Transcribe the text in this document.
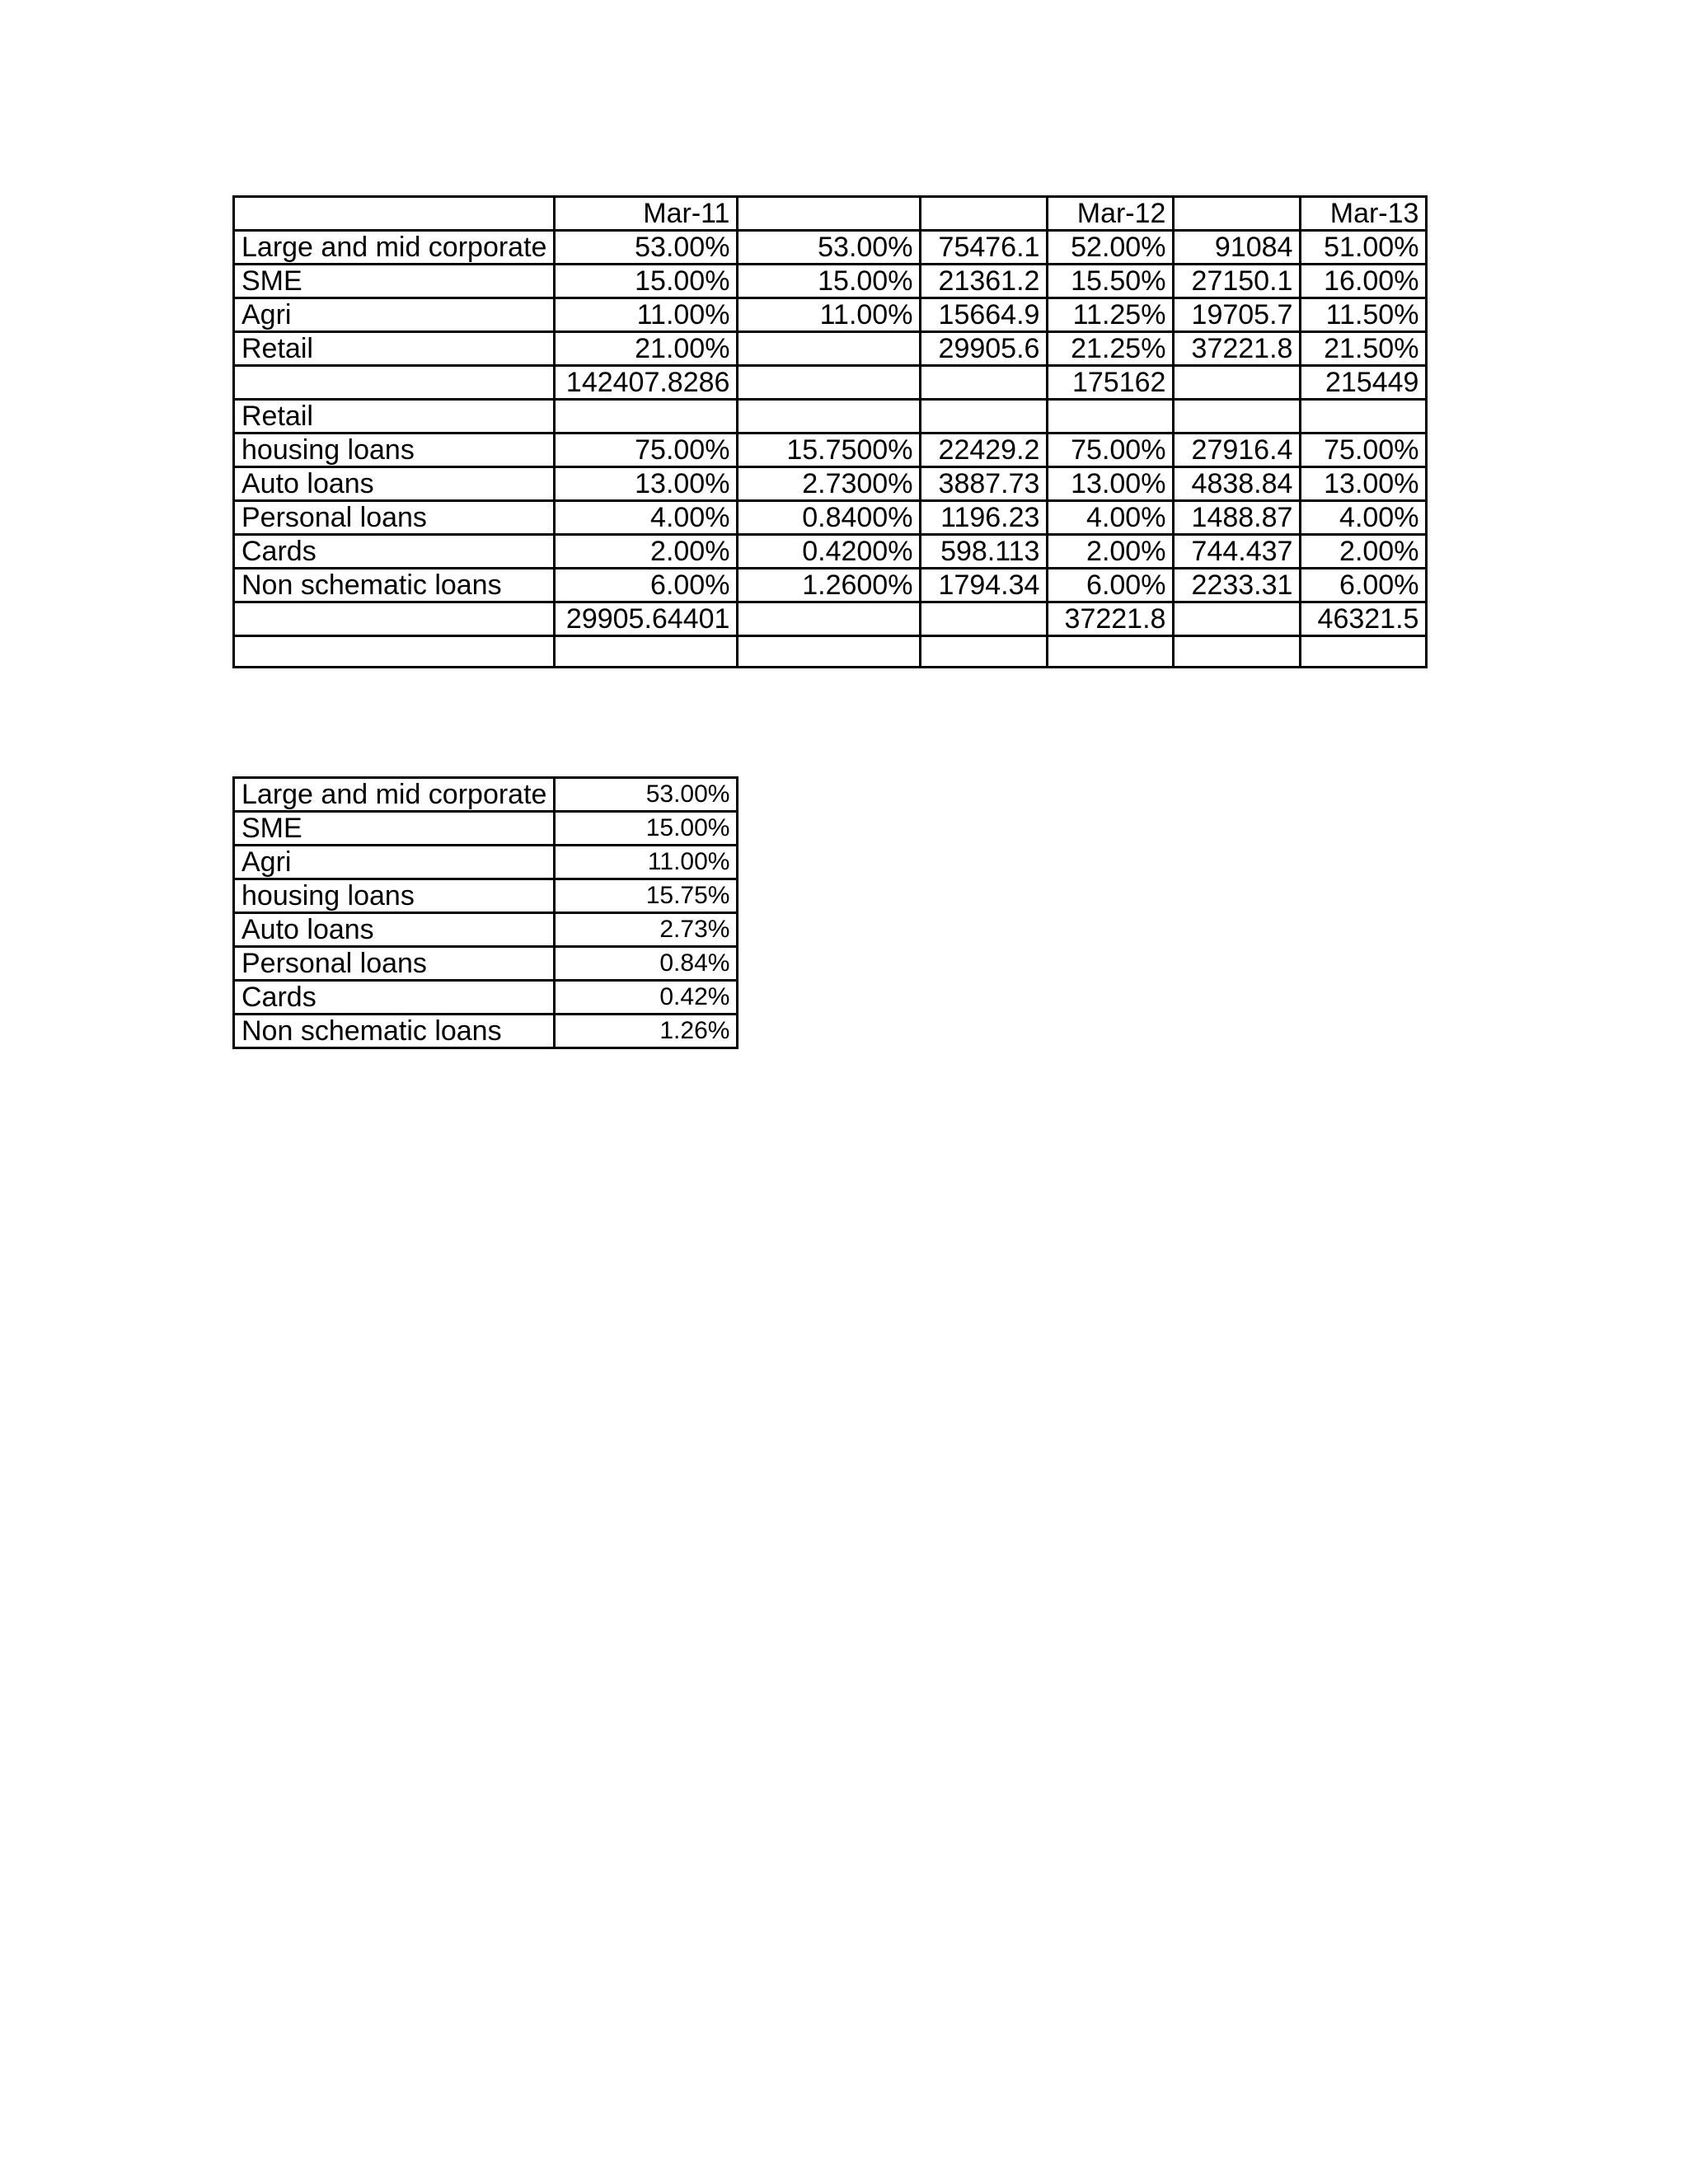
	Mar-11			Mar-12		Mar-13
Large and mid corporate	53.00%	53.00%	75476.1	52.00%	91084	51.00%
SME	15.00%	15.00%	21361.2	15.50%	27150.1	16.00%
Agri	11.00%	11.00%	15664.9	11.25%	19705.7	11.50%
Retail	21.00%		29905.6	21.25%	37221.8	21.50%
	142407.8286			175162		215449
Retail						
housing loans	75.00%	15.7500%	22429.2	75.00%	27916.4	75.00%
Auto loans	13.00%	2.7300%	3887.73	13.00%	4838.84	13.00%
Personal loans	4.00%	0.8400%	1196.23	4.00%	1488.87	4.00%
Cards	2.00%	0.4200%	598.113	2.00%	744.437	2.00%
Non schematic loans	6.00%	1.2600%	1794.34	6.00%	2233.31	6.00%
	29905.64401			37221.8		46321.5

Large and mid corporate	53.00%
SME	15.00%
Agri	11.00%
housing loans	15.75%
Auto loans	2.73%
Personal loans	0.84%
Cards	0.42%
Non schematic loans	1.26%
